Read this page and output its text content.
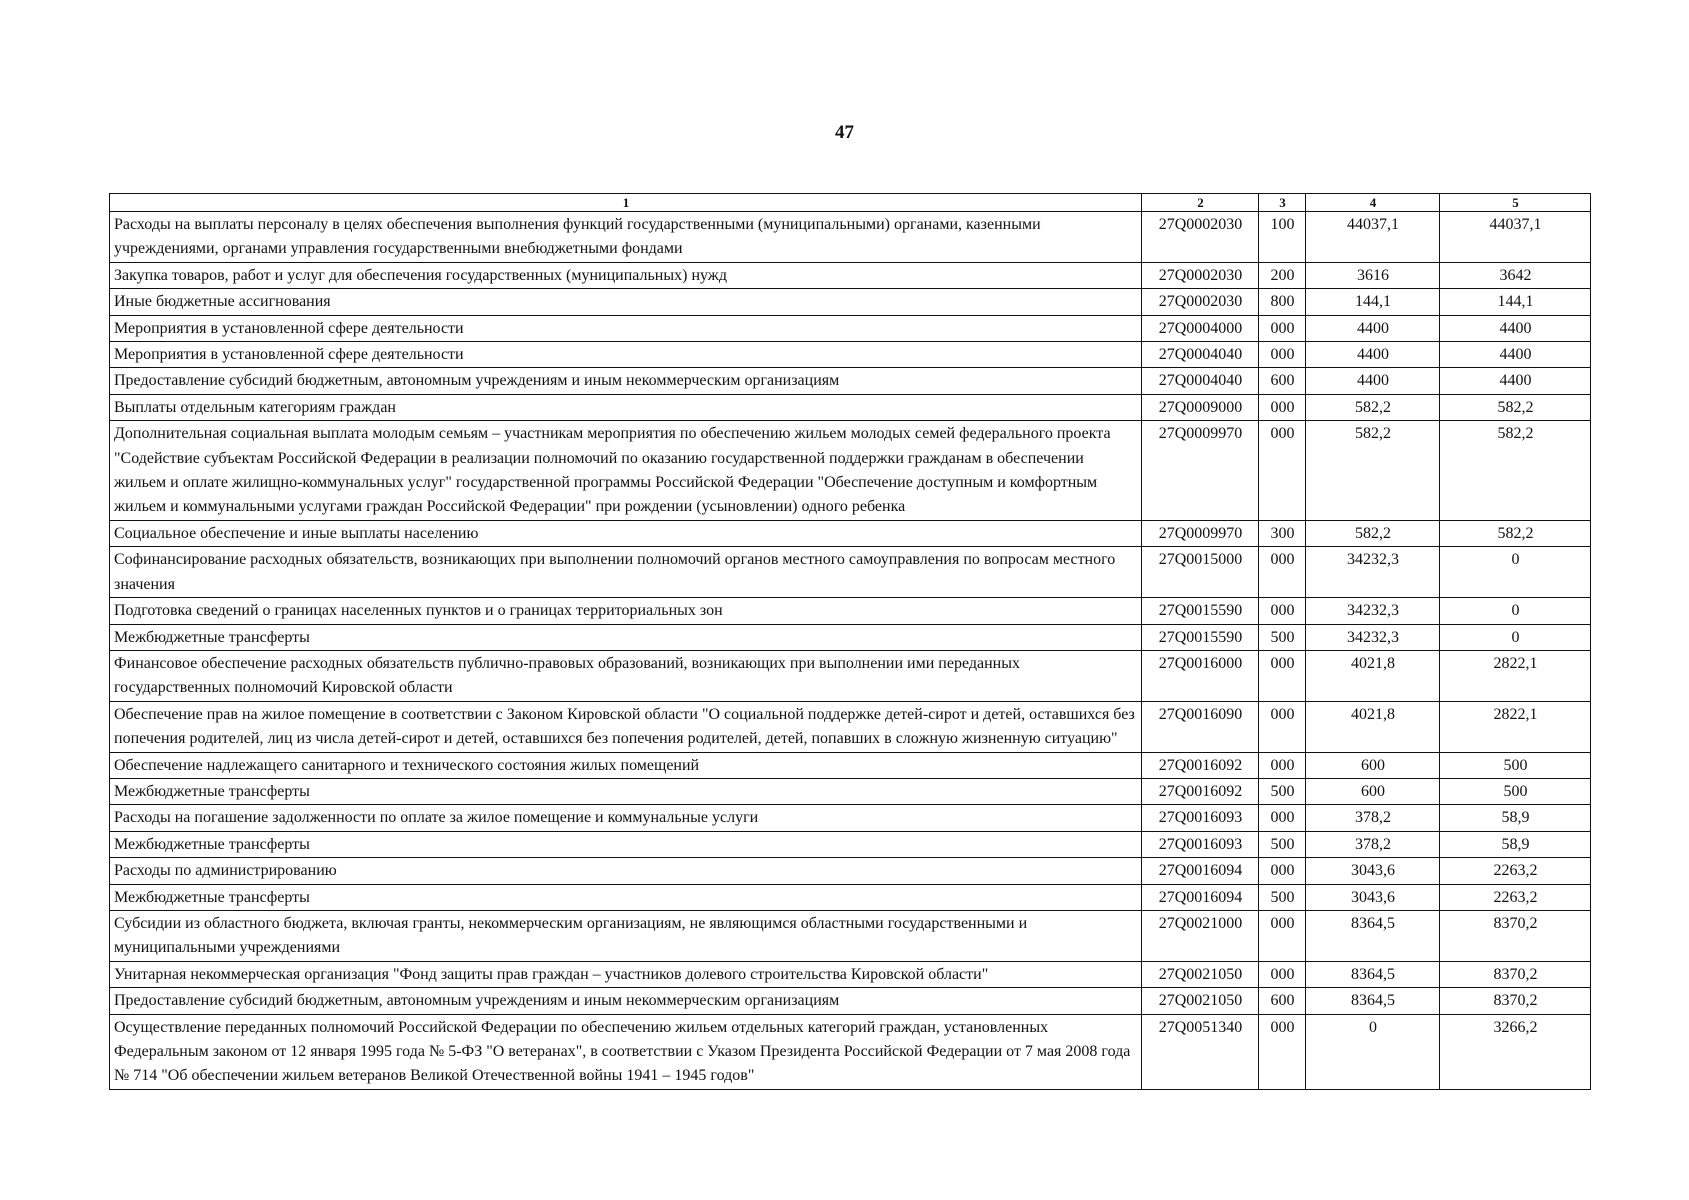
47
1	2	3	4	5
Расходы на выплаты персоналу в целях обеспечения выполнения функций государственными (муниципальными) органами, казенными учреждениями, органами управления государственными внебюджетными фондами	27Q0002030	100	44037,1	44037,1
Закупка товаров, работ и услуг для обеспечения государственных (муниципальных) нужд	27Q0002030	200	3616	3642
Иные бюджетные ассигнования	27Q0002030	800	144,1	144,1
Мероприятия в установленной сфере деятельности	27Q0004000	000	4400	4400
Мероприятия в установленной сфере деятельности	27Q0004040	000	4400	4400
Предоставление субсидий бюджетным, автономным учреждениям и иным некоммерческим организациям	27Q0004040	600	4400	4400
Выплаты отдельным категориям граждан	27Q0009000	000	582,2	582,2
Дополнительная социальная выплата молодым семьям – участникам мероприятия по обеспечению жильем молодых семей федерального проекта "Содействие субъектам Российской Федерации в реализации полномочий по оказанию государственной поддержки гражданам в обеспечении жильем и оплате жилищно-коммунальных услуг" государственной программы Российской Федерации "Обеспечение доступным и комфортным жильем и коммунальными услугами граждан Российской Федерации" при рождении (усыновлении) одного ребенка	27Q0009970	000	582,2	582,2
Социальное обеспечение и иные выплаты населению	27Q0009970	300	582,2	582,2
Софинансирование расходных обязательств, возникающих при выполнении полномочий органов местного самоуправления по вопросам местного значения	27Q0015000	000	34232,3	0
Подготовка сведений о границах населенных пунктов и о границах территориальных зон	27Q0015590	000	34232,3	0
Межбюджетные трансферты	27Q0015590	500	34232,3	0
Финансовое обеспечение расходных обязательств публично-правовых образований, возникающих при выполнении ими переданных государственных полномочий Кировской области	27Q0016000	000	4021,8	2822,1
Обеспечение прав на жилое помещение в соответствии с Законом Кировской области "О социальной поддержке детей-сирот и детей, оставшихся без попечения родителей, лиц из числа детей-сирот и детей, оставшихся без попечения родителей, детей, попавших в сложную жизненную ситуацию"	27Q0016090	000	4021,8	2822,1
Обеспечение надлежащего санитарного и технического состояния жилых помещений	27Q0016092	000	600	500
Межбюджетные трансферты	27Q0016092	500	600	500
Расходы на погашение задолженности по оплате за жилое помещение и коммунальные услуги	27Q0016093	000	378,2	58,9
Межбюджетные трансферты	27Q0016093	500	378,2	58,9
Расходы по администрированию	27Q0016094	000	3043,6	2263,2
Межбюджетные трансферты	27Q0016094	500	3043,6	2263,2
Субсидии из областного бюджета, включая гранты, некоммерческим организациям, не являющимся областными государственными и муниципальными учреждениями	27Q0021000	000	8364,5	8370,2
Унитарная некоммерческая организация "Фонд защиты прав граждан – участников долевого строительства Кировской области"	27Q0021050	000	8364,5	8370,2
Предоставление субсидий бюджетным, автономным учреждениям и иным некоммерческим организациям	27Q0021050	600	8364,5	8370,2
Осуществление переданных полномочий Российской Федерации по обеспечению жильем отдельных категорий граждан, установленных Федеральным законом от 12 января 1995 года № 5-ФЗ "О ветеранах", в соответствии с Указом Президента Российской Федерации от 7 мая 2008 года № 714 "Об обеспечении жильем ветеранов Великой Отечественной войны 1941 – 1945 годов"	27Q0051340	000	0	3266,2
